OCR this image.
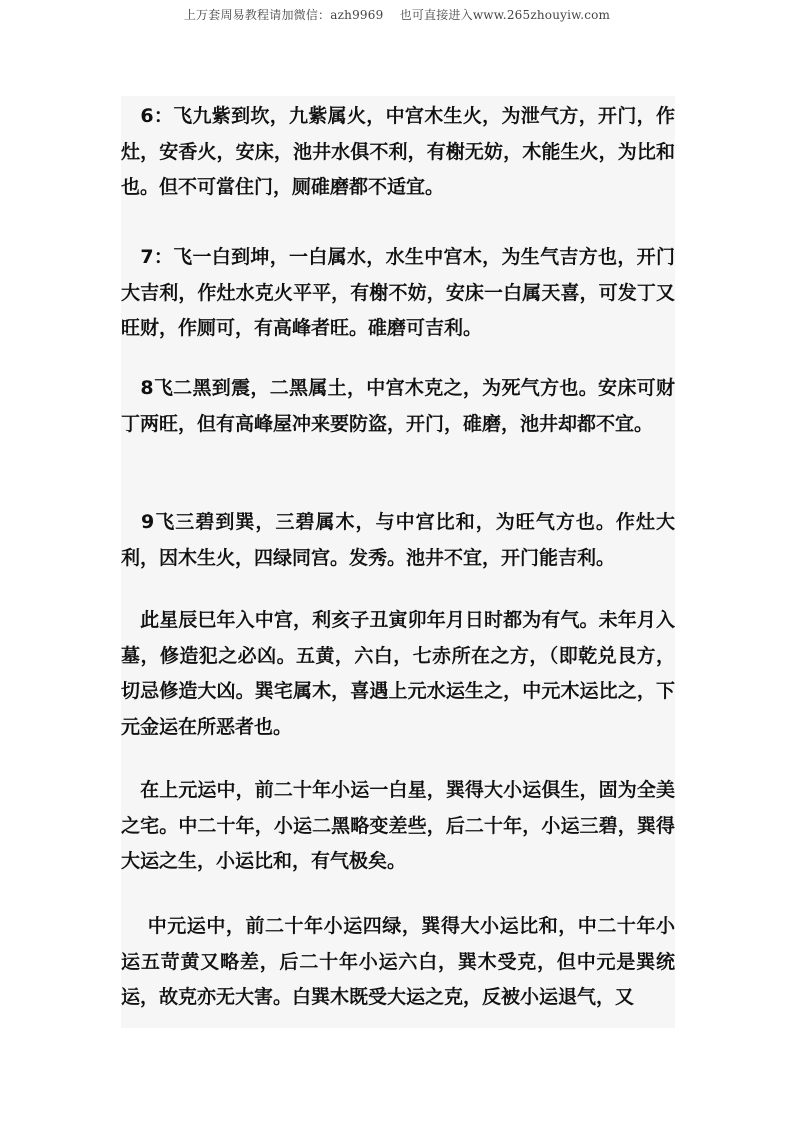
上万套周易教程请加微信：azh9969　 也可直接进入www.265zhouyiw.com

　6：飞九紫到坎，九紫属火，中宫木生火，为泄气方，开门，作灶，安香火，安床，池井水俱不利，有榭无妨，木能生火，为比和也。但不可當住门，厕碓磨都不适宜。

　7：飞一白到坤，一白属水，水生中宫木，为生气吉方也，开门大吉利，作灶水克火平平，有榭不妨，安床一白属天喜，可发丁又旺财，作厕可，有高峰者旺。碓磨可吉利。

　8飞二黑到震，二黑属土，中宫木克之，为死气方也。安床可财丁两旺，但有高峰屋冲来要防盗，开门，碓磨，池井却都不宜。

　9飞三碧到巽，三碧属木，与中宫比和，为旺气方也。作灶大利，因木生火，四绿同宫。发秀。池井不宜，开门能吉利。

　此星辰巳年入中宫，利亥子丑寅卯年月日时都为有气。未年月入墓，修造犯之必凶。五黄，六白，七赤所在之方，（即乾兑艮方，切忌修造大凶。巽宅属木，喜遇上元水运生之，中元木运比之，下元金运在所恶者也。

　在上元运中，前二十年小运一白星，巽得大小运俱生，固为全美之宅。中二十年，小运二黑略变差些，后二十年，小运三碧，巽得大运之生，小运比和，有气极矣。

　 中元运中，前二十年小运四绿，巽得大小运比和，中二十年小运五苛黄又略差，后二十年小运六白，巽木受克，但中元是巽统运，故克亦无大害。白巽木既受大运之克，反被小运退气，又
